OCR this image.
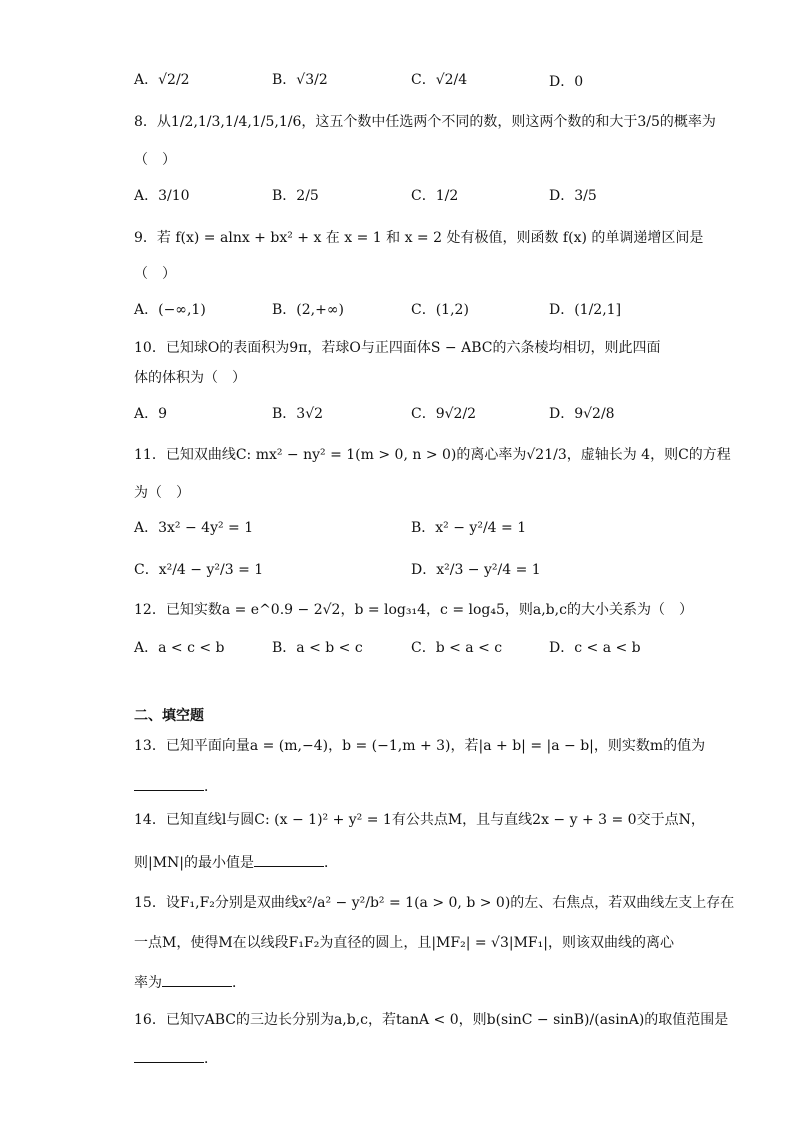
A．√2/2	B．√3/2	C．√2/4	D．0
8．从1/2,1/3,1/4,1/5,1/6，这五个数中任选两个不同的数，则这两个数的和大于3/5的概率为
（　）
A．3/10	B．2/5	C．1/2	D．3/5
9．若 f(x) = alnx + bx² + x 在 x = 1 和 x = 2 处有极值，则函数 f(x) 的单调递增区间是
（　）
A．(−∞,1)	B．(2,+∞)	C．(1,2)	D．(1/2,1]
10．已知球O的表面积为9π，若球O与正四面体S − ABC的六条棱均相切，则此四面
体的体积为（　）
A．9	B．3√2	C．9√2/2	D．9√2/8
11．已知双曲线C: mx² − ny² = 1(m > 0, n > 0)的离心率为√21/3，虚轴长为 4，则C的方程
为（　）
A．3x² − 4y² = 1	B．x² − y²/4 = 1
C．x²/4 − y²/3 = 1	D．x²/3 − y²/4 = 1
12．已知实数a = e^0.9 − 2√2，b = log₃₁4，c = log₄5，则a,b,c的大小关系为（　）
A．a < c < b	B．a < b < c	C．b < a < c	D．c < a < b
二、填空题
13．已知平面向量a = (m,−4)，b = (−1,m + 3)，若|a + b| = |a − b|，则实数m的值为
．
14．已知直线l与圆C: (x − 1)² + y² = 1有公共点M，且与直线2x − y + 3 = 0交于点N，
则|MN|的最小值是	．
15．设F₁,F₂分别是双曲线x²/a² − y²/b² = 1(a > 0, b > 0)的左、右焦点，若双曲线左支上存在
一点M，使得M在以线段F₁F₂为直径的圆上，且|MF₂| = √3|MF₁|，则该双曲线的离心
率为	．
16．已知▽ABC的三边长分别为a,b,c，若tanA < 0，则b(sinC − sinB)/(asinA)的取值范围是
．
